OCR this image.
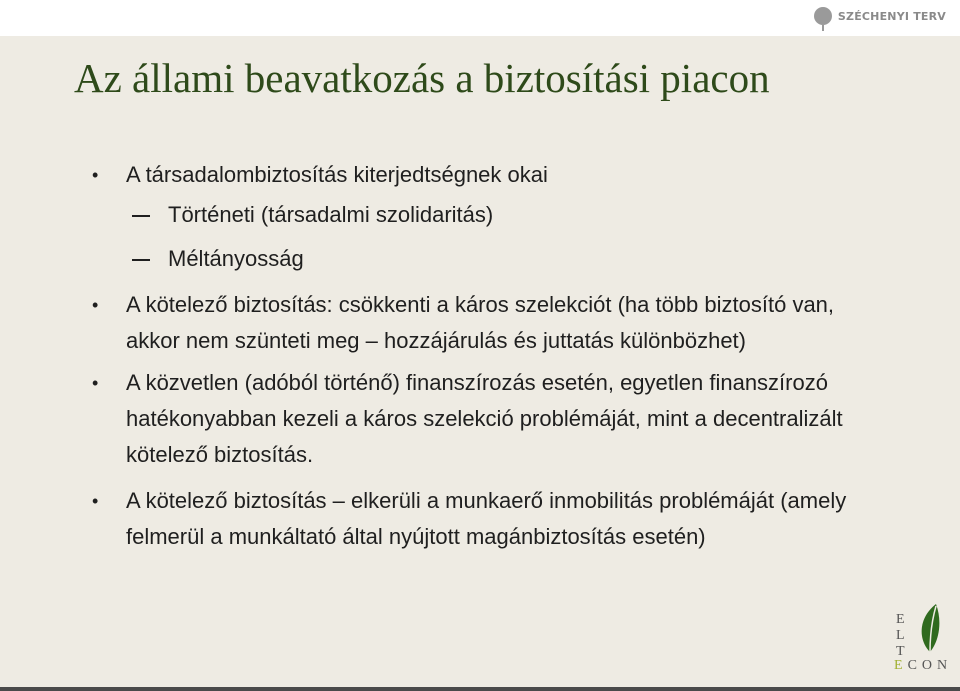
SZÉCHENYI TERV
Az állami beavatkozás a biztosítási piacon
• A társadalombiztosítás kiterjedtségnek okai
Történeti (társadalmi szolidaritás)
Méltányosság
• A kötelező biztosítás: csökkenti a káros szelekciót (ha több biztosító van, akkor nem szünteti meg – hozzájárulás és juttatás különbözhet)
• A közvetlen (adóból történő) finanszírozás esetén, egyetlen finanszírozó hatékonyabban kezeli a káros szelekció problémáját, mint a decentralizált kötelező biztosítás.
• A kötelező biztosítás – elkerüli a munkaerő inmobilitás problémáját (amely felmerül a munkáltató által nyújtott magánbiztosítás esetén)
E
L
T
ECON
